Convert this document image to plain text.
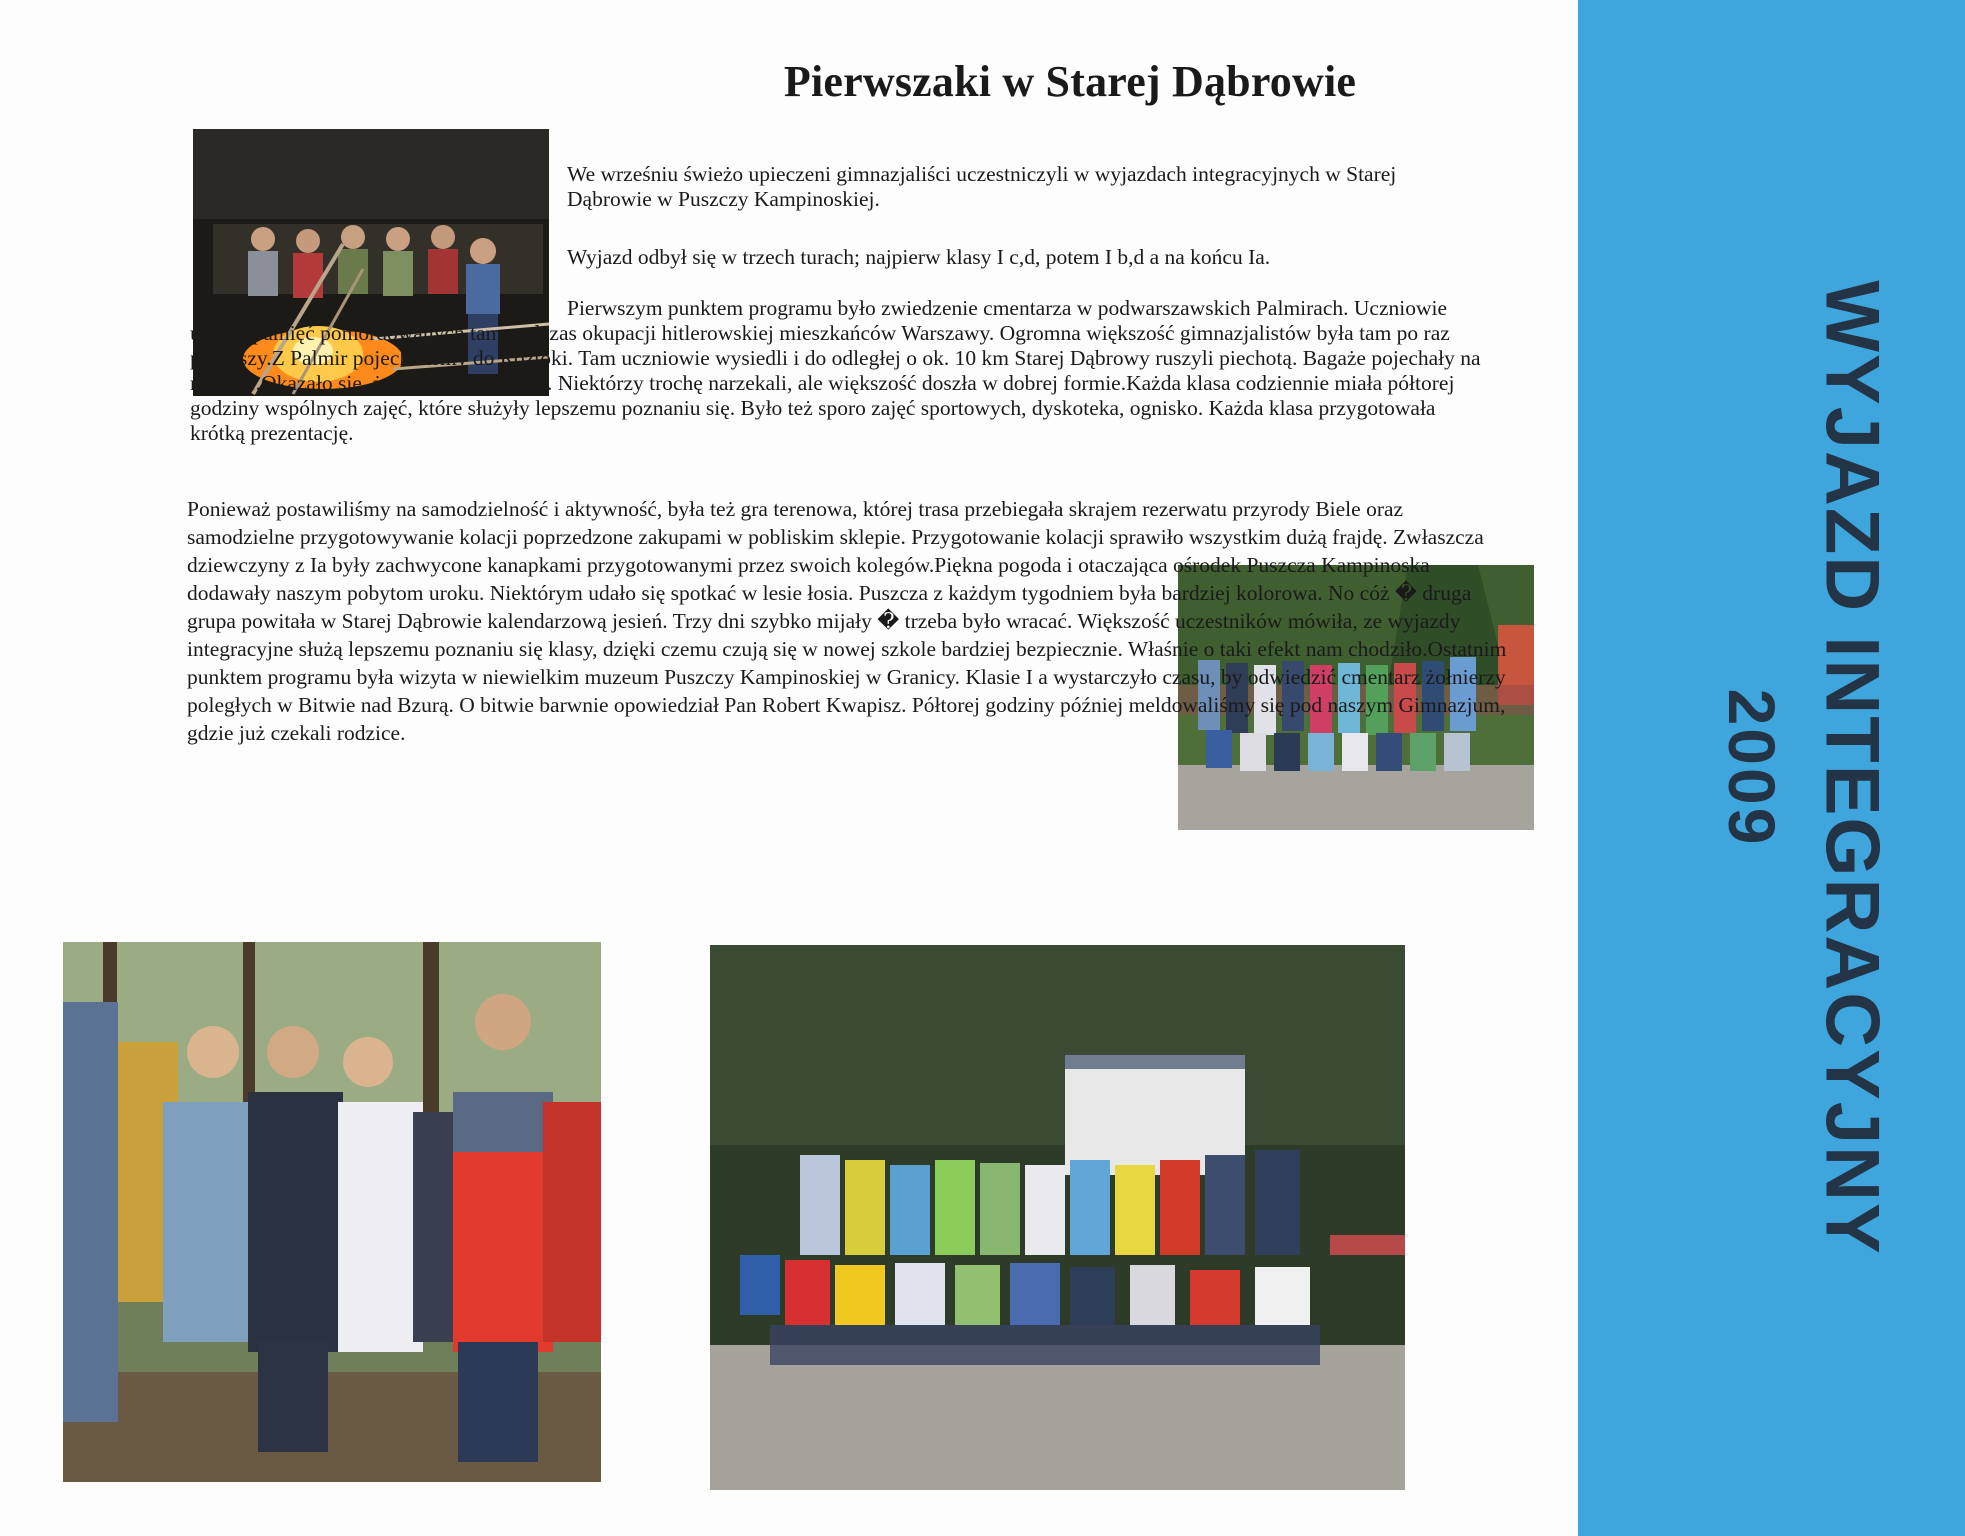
Pierwszaki w Starej Dąbrowie

We wrześniu świeżo upieczeni gimnazjaliści uczestniczyli w wyjazdach integracyjnych w Starej Dąbrowie w Puszczy Kampinoskiej.

Wyjazd odbył się w trzech turach; najpierw klasy I c,d, potem I b,d a na końcu Ia.

Pierwszym punktem programu było zwiedzenie cmentarza w podwarszawskich Palmirach. Uczniowie uczcili pamięć pomordowanych tam podczas okupacji hitlerowskiej mieszkańców Warszawy. Ogromna większość gimnazjalistów była tam po raz pierwszy.Z Palmir pojechaliśmy do Roztoki. Tam uczniowie wysiedli i do odległej o ok. 10 km Starej Dąbrowy ruszyli piechotą. Bagaże pojechały na miejsce.Okazało się, że 10 km to niedużo. Niektórzy trochę narzekali, ale większość doszła w dobrej formie.Każda klasa codziennie miała półtorej godziny wspólnych zajęć, które służyły lepszemu poznaniu się. Było też sporo zajęć sportowych, dyskoteka, ognisko. Każda klasa przygotowała krótką prezentację.

Ponieważ postawiliśmy na samodzielność i aktywność, była też gra terenowa, której trasa przebiegała skrajem rezerwatu przyrody Biele oraz samodzielne przygotowywanie kolacji poprzedzone zakupami w pobliskim sklepie. Przygotowanie kolacji sprawiło wszystkim dużą frajdę. Zwłaszcza dziewczyny z Ia były zachwycone kanapkami przygotowanymi przez swoich kolegów.Piękna pogoda i otaczająca ośrodek Puszcza Kampinoska dodawały naszym pobytom uroku. Niektórym udało się spotkać w lesie łosia. Puszcza z każdym tygodniem była bardziej kolorowa. No cóż � druga grupa powitała w Starej Dąbrowie kalendarzową jesień. Trzy dni szybko mijały � trzeba było wracać. Większość uczestników mówiła, ze wyjazdy integracyjne służą lepszemu poznaniu się klasy, dzięki czemu czują się w nowej szkole bardziej bezpiecznie. Właśnie o taki efekt nam chodziło.Ostatnim punktem programu była wizyta w niewielkim muzeum Puszczy Kampinoskiej w Granicy. Klasie I a wystarczyło czasu, by odwiedzić cmentarz żołnierzy poległych w Bitwie nad Bzurą. O bitwie barwnie opowiedział Pan Robert Kwapisz. Półtorej godziny później meldowaliśmy się pod naszym Gimnazjum, gdzie już czekali rodzice.	WYJAZD INTEGRACYJNY
2009
